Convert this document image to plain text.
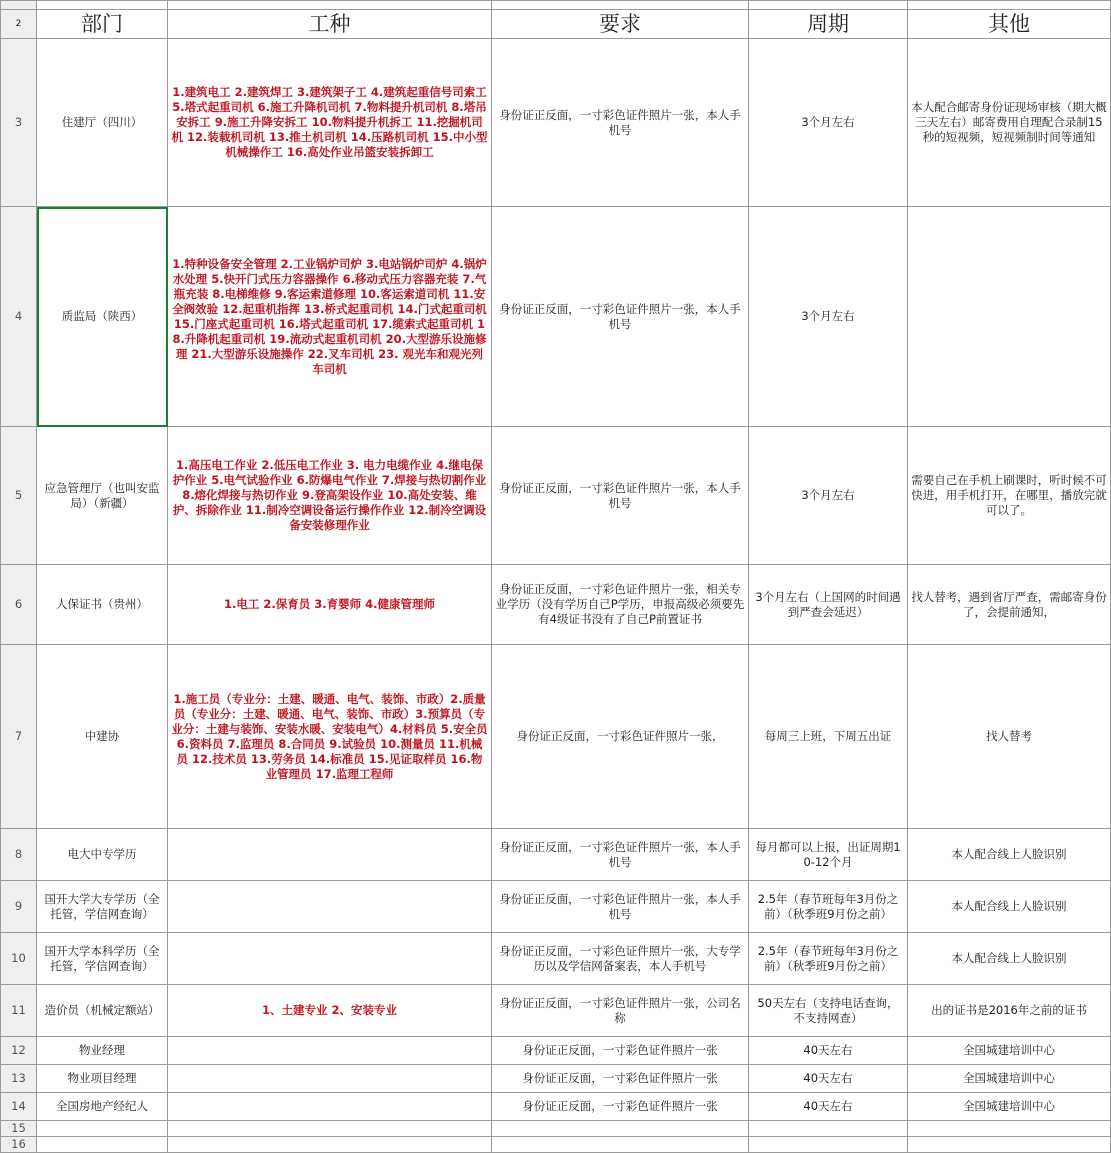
2	部门	工种	要求	周期	其他
3	住建厅（四川）	1.建筑电工 2.建筑焊工 3.建筑架子工 4.建筑起重信号司索工 5.塔式起重司机 6.施工升降机司机 7.物料提升机司机 8.塔吊安拆工 9.施工升降安拆工 10.物料提升机拆工 11.挖掘机司机 12.装载机司机 13.推土机司机 14.压路机司机 15.中小型机械操作工 16.高处作业吊篮安装拆卸工	身份证正反面，一寸彩色证件照片一张，本人手机号	3个月左右	本人配合邮寄身份证现场审核（期大概三天左右）邮寄费用自理配合录制15秒的短视频，短视频制时间等通知
4	质监局（陕西）	1.特种设备安全管理 2.工业锅炉司炉 3.电站锅炉司炉 4.锅炉水处理 5.快开门式压力容器操作 6.移动式压力容器充装 7.气瓶充装 8.电梯维修 9.客运索道修理 10.客运索道司机 11.安全阀效验 12.起重机指挥 13.桥式起重司机 14.门式起重司机 15.门座式起重司机 16.塔式起重司机 17.缆索式起重司机 18.升降机起重司机 19.流动式起重机司机 20.大型游乐设施修理 21.大型游乐设施操作 22.叉车司机 23. 观光车和观光列车司机	身份证正反面，一寸彩色证件照片一张，本人手机号	3个月左右	
5	应急管理厅（也叫安监局）（新疆）	1.高压电工作业 2.低压电工作业 3. 电力电缆作业 4.继电保护作业 5.电气试验作业 6.防爆电气作业 7.焊接与热切割作业 8.熔化焊接与热切作业 9.登高架设作业 10.高处安装、维护、拆除作业 11.制冷空调设备运行操作作业 12.制冷空调设备安装修理作业	身份证正反面，一寸彩色证件照片一张，本人手机号	3个月左右	需要自己在手机上刷课时，听时候不可快进，用手机打开，在哪里，播放完就可以了。
6	人保证书（贵州）	1.电工 2.保育员 3.育婴师 4.健康管理师	身份证正反面，一寸彩色证件照片一张，相关专业学历（没有学历自己P学历，申报高级必须要先有4级证书没有了自己P前置证书	3个月左右（上国网的时间遇到严查会延迟）	找人替考，遇到省厅严查，需邮寄身份了，会提前通知，
7	中建协	1.施工员（专业分：土建、暖通、电气、装饰、市政）2.质量员（专业分：土建、暖通、电气、装饰、市政）3.预算员（专业分：土建与装饰、安装水暖、安装电气）4.材料员 5.安全员 6.资料员 7.监理员 8.合同员 9.试验员 10.测量员 11.机械员 12.技术员 13.劳务员 14.标准员 15.见证取样员 16.物业管理员 17.监理工程师	身份证正反面，一寸彩色证件照片一张，	每周三上班，下周五出证	找人替考
8	电大中专学历		身份证正反面，一寸彩色证件照片一张，本人手机号	每月都可以上报，出证周期10-12个月	本人配合线上人脸识别
9	国开大学大专学历（全托管，学信网查询）		身份证正反面，一寸彩色证件照片一张，本人手机号	2.5年（春节班每年3月份之前）（秋季班9月份之前）	本人配合线上人脸识别
10	国开大学本科学历（全托管，学信网查询）		身份证正反面，一寸彩色证件照片一张，大专学历以及学信网备案表，本人手机号	2.5年（春节班每年3月份之前）（秋季班9月份之前）	本人配合线上人脸识别
11	造价员（机械定额站）	1、土建专业 2、安装专业	身份证正反面，一寸彩色证件照片一张，公司名称	50天左右（支持电话查询，不支持网查）	出的证书是2016年之前的证书
12	物业经理		身份证正反面，一寸彩色证件照片一张	40天左右	全国城建培训中心
13	物业项目经理		身份证正反面，一寸彩色证件照片一张	40天左右	全国城建培训中心
14	全国房地产经纪人		身份证正反面，一寸彩色证件照片一张	40天左右	全国城建培训中心
15					
16					
